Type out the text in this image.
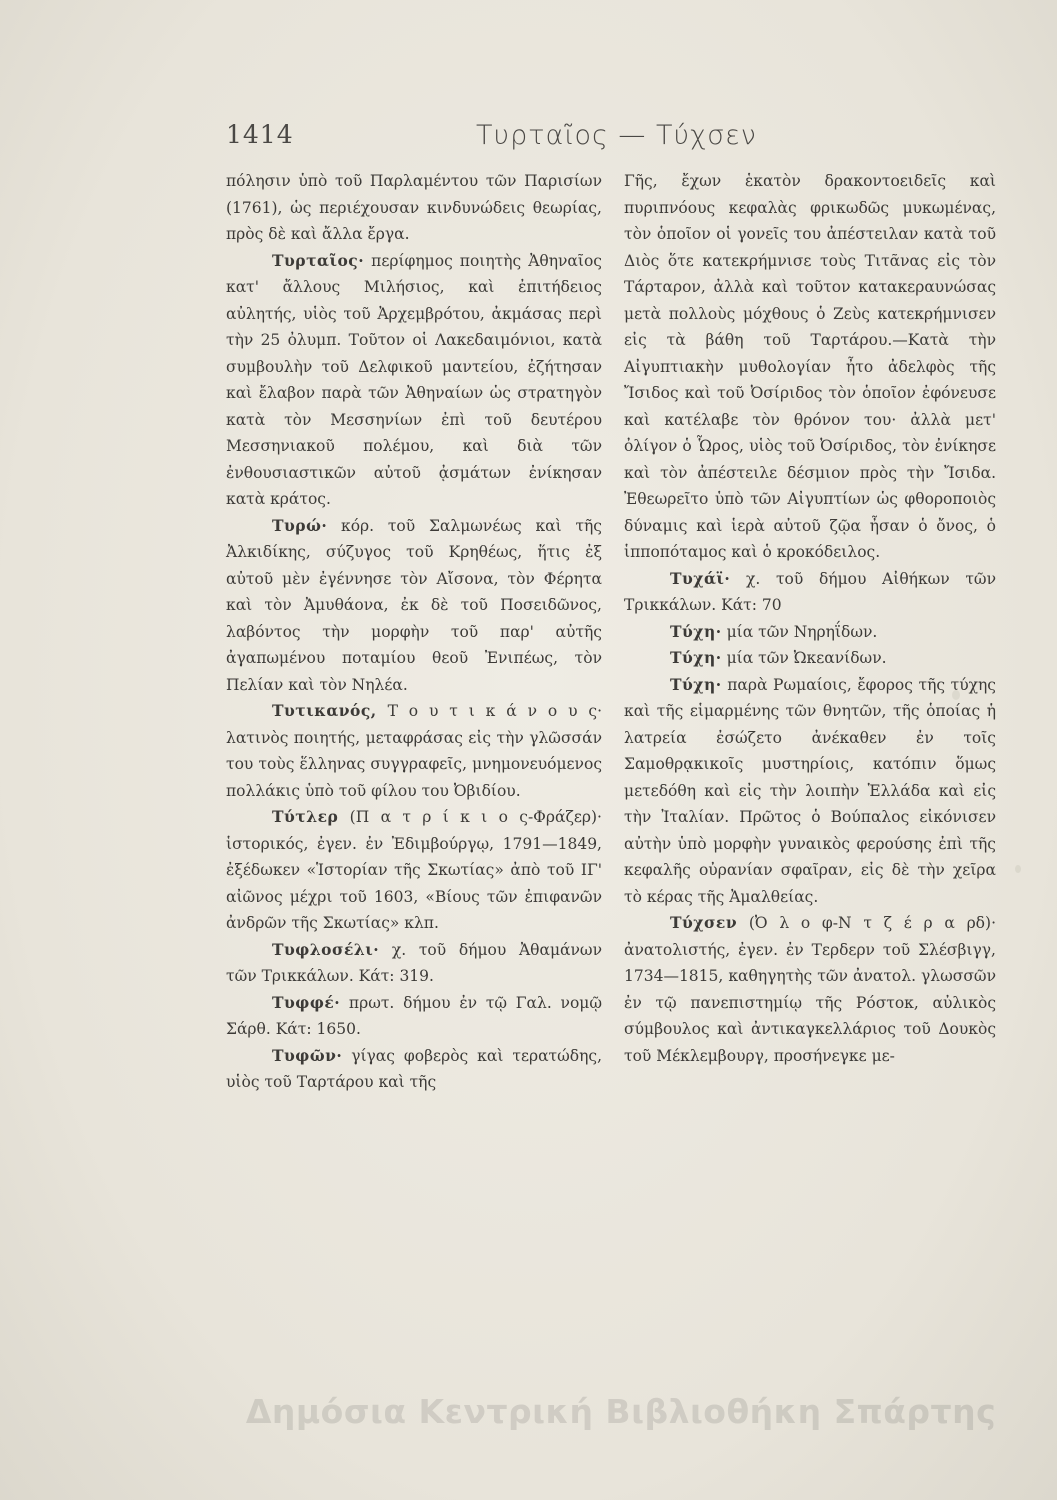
1414	Τυρταῖος — Τύχσεν

πόλησιν ὑπὸ τοῦ Παρλαμέντου τῶν Παρισίων (1761), ὡς περιέχουσαν κινδυνώδεις θεωρίας, πρὸς δὲ καὶ ἄλλα ἔργα.

Τυρταῖος· περίφημος ποιητὴς Ἀθηναῖος κατ' ἄλλους Μιλήσιος, καὶ ἐπιτήδειος αὐλητής, υἱὸς τοῦ Ἀρχεμβρότου, ἀκμάσας περὶ τὴν 25 ὀλυμπ. Τοῦτον οἱ Λακεδαιμόνιοι, κατὰ συμβουλὴν τοῦ Δελφικοῦ μαντείου, ἐζήτησαν καὶ ἔλαβον παρὰ τῶν Ἀθηναίων ὡς στρατηγὸν κατὰ τὸν Μεσσηνίων ἐπὶ τοῦ δευτέρου Μεσσηνιακοῦ πολέμου, καὶ διὰ τῶν ἐνθουσιαστικῶν αὐτοῦ ᾀσμάτων ἐνίκησαν κατὰ κράτος.

Τυρώ· κόρ. τοῦ Σαλμωνέως καὶ τῆς Ἀλκιδίκης, σύζυγος τοῦ Κρηθέως, ἥτις ἐξ αὐτοῦ μὲν ἐγέννησε τὸν Αἴσονα, τὸν Φέρητα καὶ τὸν Ἀμυθάονα, ἐκ δὲ τοῦ Ποσειδῶνος, λαβόντος τὴν μορφὴν τοῦ παρ' αὐτῆς ἀγαπωμένου ποταμίου θεοῦ Ἐνιπέως, τὸν Πελίαν καὶ τὸν Νηλέα.

Τυτικανός, Τ ο υ τ ι κ ά ν ο υ ς· λατινὸς ποιητής, μεταφράσας εἰς τὴν γλῶσσάν του τοὺς ἕλληνας συγγραφεῖς, μνημονευόμενος πολλάκις ὑπὸ τοῦ φίλου του Ὀβιδίου.

Τύτλερ (Π α τ ρ ί κ ι ο ς-Φράζερ)· ἱστορικός, ἐγεν. ἐν Ἐδιμβούργῳ, 1791—1849, ἐξέδωκεν «Ἱστορίαν τῆς Σκωτίας» ἀπὸ τοῦ ΙΓ' αἰῶνος μέχρι τοῦ 1603, «Βίους τῶν ἐπιφανῶν ἀνδρῶν τῆς Σκωτίας» κλπ.

Τυφλοσέλι· χ. τοῦ δήμου Ἀθαμάνων τῶν Τρικκάλων. Κάτ: 319.

Τυφφέ· πρωτ. δήμου ἐν τῷ Γαλ. νομῷ Σάρθ. Κάτ: 1650.

Τυφῶν· γίγας φοβερὸς καὶ τερατώδης, υἱὸς τοῦ Ταρτάρου καὶ τῆς

Γῆς, ἔχων ἑκατὸν δρακοντοειδεῖς καὶ πυριπνόους κεφαλὰς φρικωδῶς μυκωμένας, τὸν ὁποῖον οἱ γονεῖς του ἀπέστειλαν κατὰ τοῦ Διὸς ὅτε κατεκρήμνισε τοὺς Τιτᾶνας εἰς τὸν Τάρταρον, ἀλλὰ καὶ τοῦτον κατακεραυνώσας μετὰ πολλοὺς μόχθους ὁ Ζεὺς κατεκρήμνισεν εἰς τὰ βάθη τοῦ Ταρτάρου.—Κατὰ τὴν Αἰγυπτιακὴν μυθολογίαν ἦτο ἀδελφὸς τῆς Ἴσιδος καὶ τοῦ Ὀσίριδος τὸν ὁποῖον ἐφόνευσε καὶ κατέλαβε τὸν θρόνον του· ἀλλὰ μετ' ὀλίγον ὁ Ὧρος, υἱὸς τοῦ Ὀσίριδος, τὸν ἐνίκησε καὶ τὸν ἀπέστειλε δέσμιον πρὸς τὴν Ἴσιδα. Ἐθεωρεῖτο ὑπὸ τῶν Αἰγυπτίων ὡς φθοροποιὸς δύναμις καὶ ἱερὰ αὐτοῦ ζῷα ἦσαν ὁ ὄνος, ὁ ἱπποπόταμος καὶ ὁ κροκόδειλος.

Τυχάϊ· χ. τοῦ δήμου Αἰθήκων τῶν Τρικκάλων. Κάτ: 70

Τύχη· μία τῶν Νηρηΐδων.

Τύχη· μία τῶν Ὠκεανίδων.

Τύχη· παρὰ Ρωμαίοις, ἔφορος τῆς τύχης καὶ τῆς εἱμαρμένης τῶν θνητῶν, τῆς ὁποίας ἡ λατρεία ἐσώζετο ἀνέκαθεν ἐν τοῖς Σαμοθρᾳκικοῖς μυστηρίοις, κατόπιν ὅμως μετεδόθη καὶ εἰς τὴν λοιπὴν Ἑλλάδα καὶ εἰς τὴν Ἰταλίαν. Πρῶτος ὁ Βούπαλος εἰκόνισεν αὐτὴν ὑπὸ μορφὴν γυναικὸς φερούσης ἐπὶ τῆς κεφαλῆς οὐρανίαν σφαῖραν, εἰς δὲ τὴν χεῖρα τὸ κέρας τῆς Ἀμαλθείας.

Τύχσεν (Ὀ λ ο φ-Ν τ ζ έ ρ α ρδ)· ἀνατολιστής, ἐγεν. ἐν Τερδερν τοῦ Σλέσβιγγ, 1734—1815, καθηγητὴς τῶν ἀνατολ. γλωσσῶν ἐν τῷ πανεπιστημίῳ τῆς Ρόστοκ, αὐλικὸς σύμβουλος καὶ ἀντικαγκελλάριος τοῦ Δουκὸς τοῦ Μέκλεμβουργ, προσήνεγκε με-

Δημόσια Κεντρική Βιβλιοθήκη Σπάρτης
